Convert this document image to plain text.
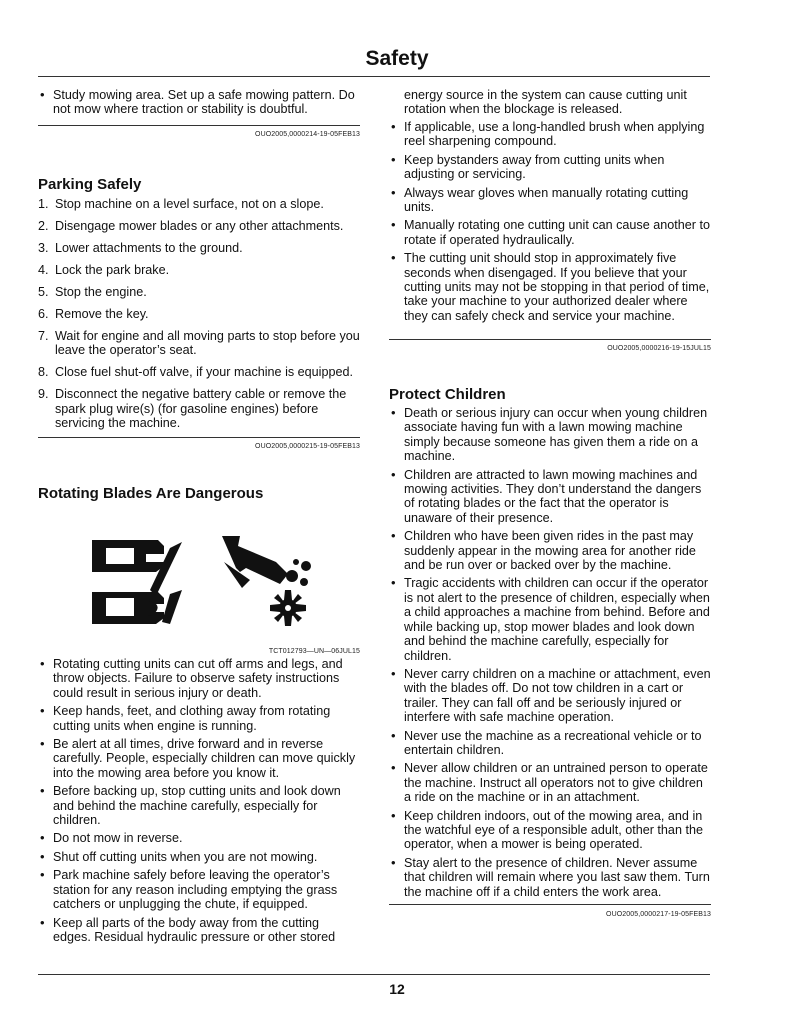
Safety
• Study mowing area. Set up a safe mowing pattern. Do not mow where traction or stability is doubtful.
OUO2005,0000214-19-05FEB13
Parking Safely
1. Stop machine on a level surface, not on a slope.
2. Disengage mower blades or any other attachments.
3. Lower attachments to the ground.
4. Lock the park brake.
5. Stop the engine.
6. Remove the key.
7. Wait for engine and all moving parts to stop before you leave the operator’s seat.
8. Close fuel shut-off valve, if your machine is equipped.
9. Disconnect the negative battery cable or remove the spark plug wire(s) (for gasoline engines) before servicing the machine.
OUO2005,0000215-19-05FEB13
Rotating Blades Are Dangerous
TCT012793—UN—06JUL15
• Rotating cutting units can cut off arms and legs, and throw objects. Failure to observe safety instructions could result in serious injury or death.
• Keep hands, feet, and clothing away from rotating cutting units when engine is running.
• Be alert at all times, drive forward and in reverse carefully. People, especially children can move quickly into the mowing area before you know it.
• Before backing up, stop cutting units and look down and behind the machine carefully, especially for children.
• Do not mow in reverse.
• Shut off cutting units when you are not mowing.
• Park machine safely before leaving the operator’s station for any reason including emptying the grass catchers or unplugging the chute, if equipped.
• Keep all parts of the body away from the cutting edges. Residual hydraulic pressure or other stored
energy source in the system can cause cutting unit rotation when the blockage is released.
• If applicable, use a long-handled brush when applying reel sharpening compound.
• Keep bystanders away from cutting units when adjusting or servicing.
• Always wear gloves when manually rotating cutting units.
• Manually rotating one cutting unit can cause another to rotate if operated hydraulically.
• The cutting unit should stop in approximately five seconds when disengaged. If you believe that your cutting units may not be stopping in that period of time, take your machine to your authorized dealer where they can safely check and service your machine.
OUO2005,0000216-19-15JUL15
Protect Children
• Death or serious injury can occur when young children associate having fun with a lawn mowing machine simply because someone has given them a ride on a machine.
• Children are attracted to lawn mowing machines and mowing activities. They don’t understand the dangers of rotating blades or the fact that the operator is unaware of their presence.
• Children who have been given rides in the past may suddenly appear in the mowing area for another ride and be run over or backed over by the machine.
• Tragic accidents with children can occur if the operator is not alert to the presence of children, especially when a child approaches a machine from behind. Before and while backing up, stop mower blades and look down and behind the machine carefully, especially for children.
• Never carry children on a machine or attachment, even with the blades off. Do not tow children in a cart or trailer. They can fall off and be seriously injured or interfere with safe machine operation.
• Never use the machine as a recreational vehicle or to entertain children.
• Never allow children or an untrained person to operate the machine. Instruct all operators not to give children a ride on the machine or in an attachment.
• Keep children indoors, out of the mowing area, and in the watchful eye of a responsible adult, other than the operator, when a mower is being operated.
• Stay alert to the presence of children. Never assume that children will remain where you last saw them. Turn the machine off if a child enters the work area.
OUO2005,0000217-19-05FEB13
12
